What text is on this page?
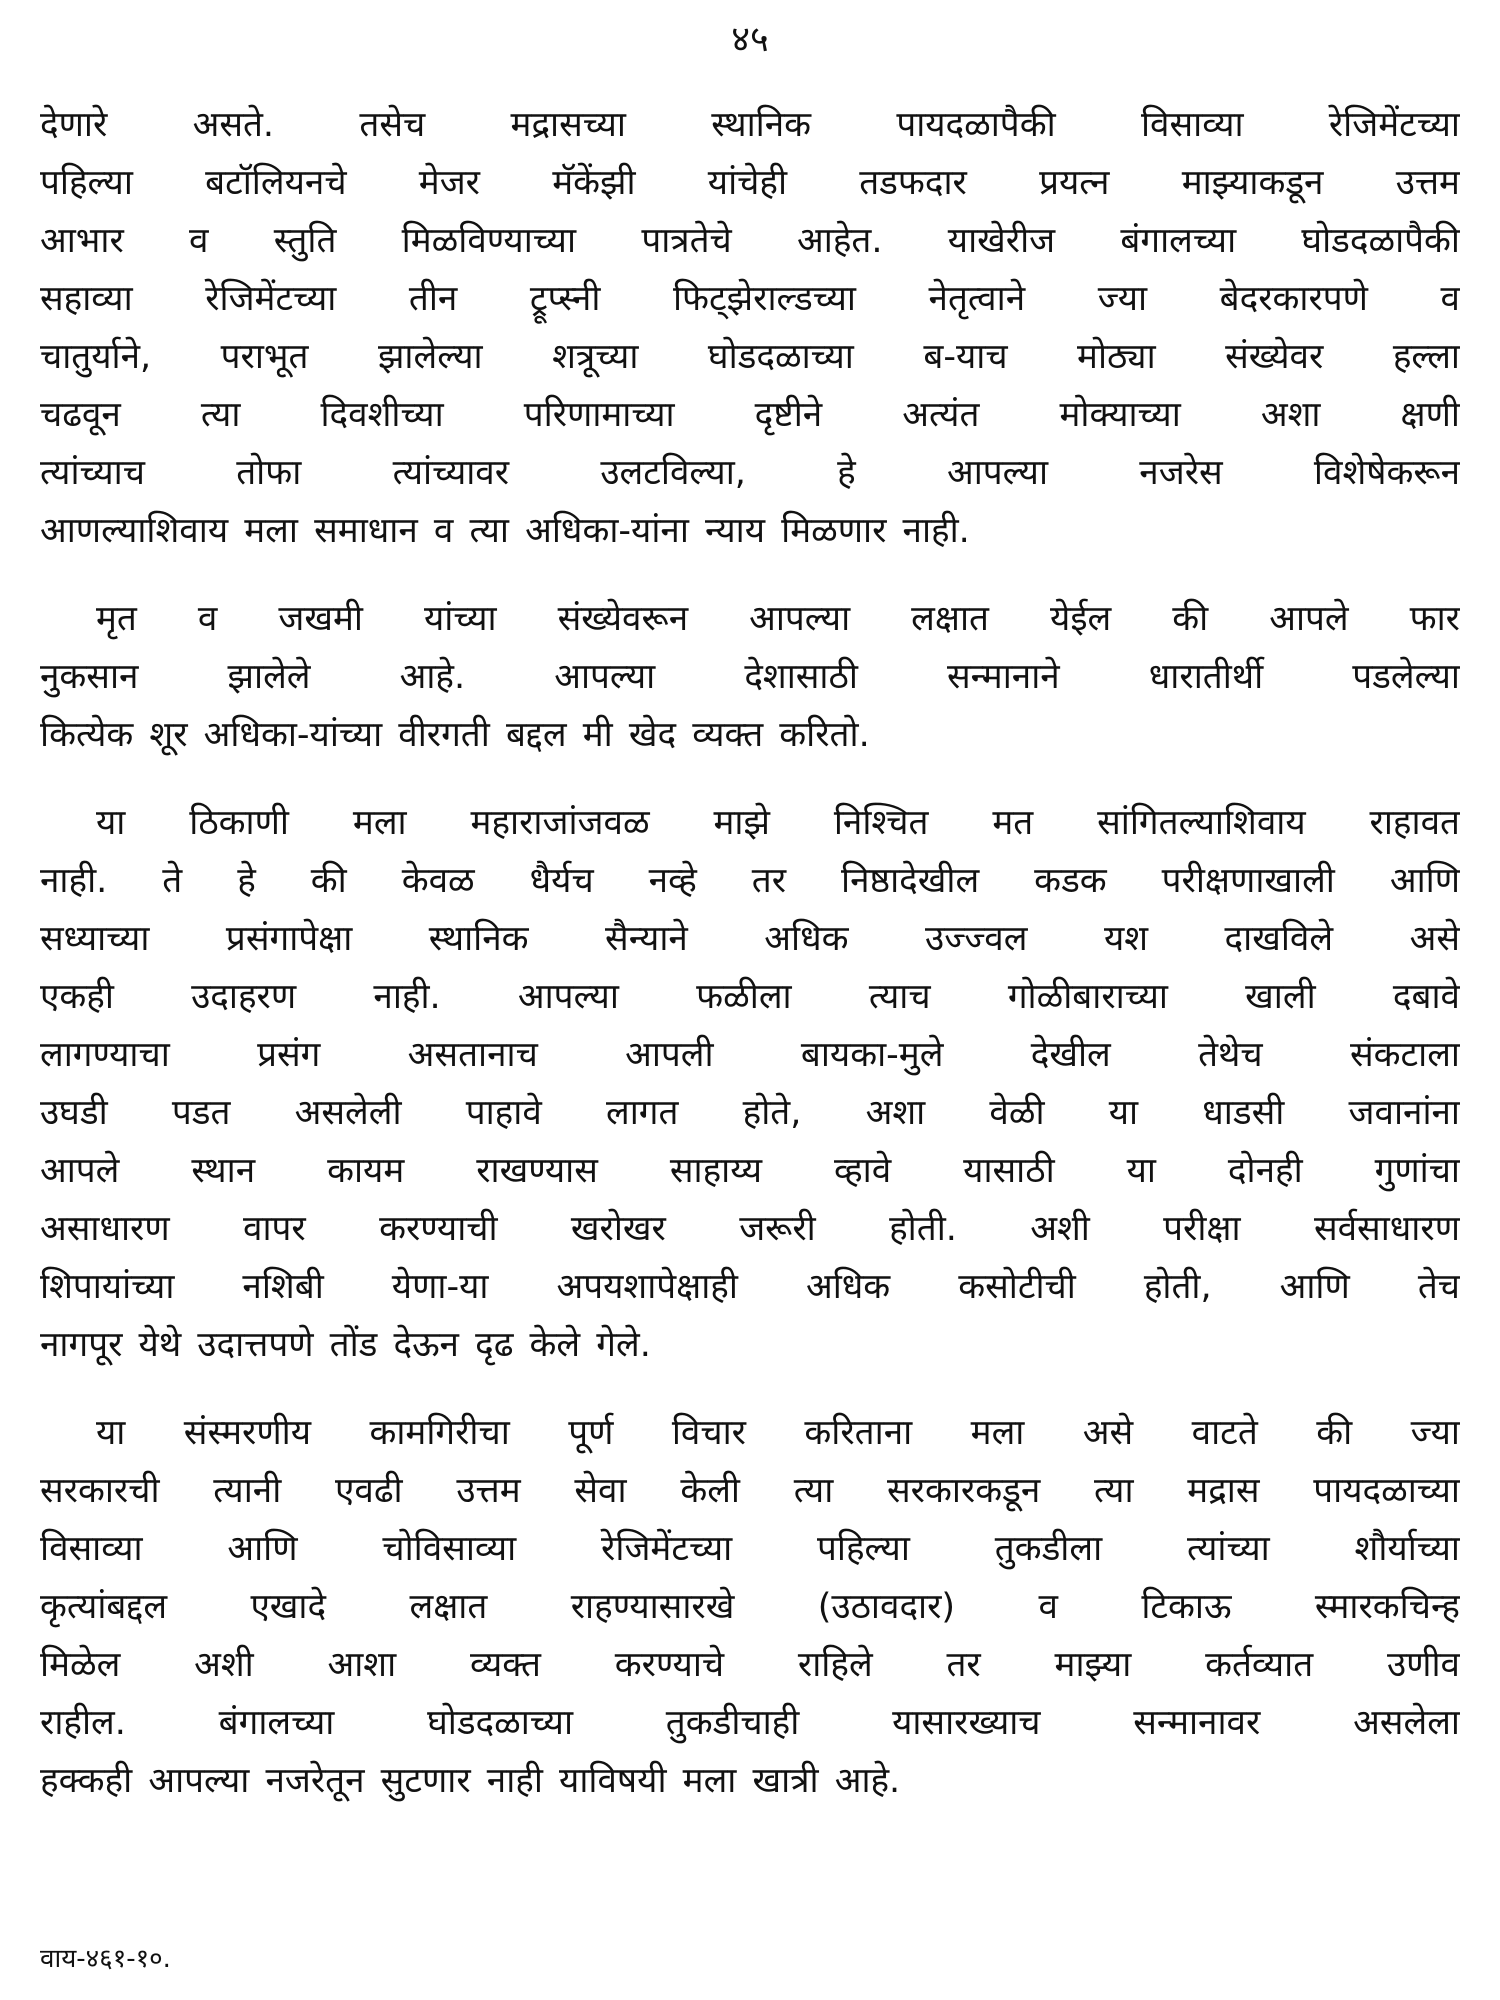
४५

देणारे असते. तसेच मद्रासच्या स्थानिक पायदळापैकी विसाव्या रेजिमेंटच्या
पहिल्या बटॉलियनचे मेजर मॅकेंझी यांचेही तडफदार प्रयत्न माझ्याकडून उत्तम
आभार व स्तुति मिळविण्याच्या पात्रतेचे आहेत. याखेरीज बंगालच्या घोडदळापैकी
सहाव्या रेजिमेंटच्या तीन ट्रूप्स्नी फिट्झेराल्डच्या नेतृत्वाने ज्या बेदरकारपणे व
चातुर्याने, पराभूत झालेल्या शत्रूच्या घोडदळाच्या ब-याच मोठ्या संख्येवर हल्ला
चढवून त्या दिवशीच्या परिणामाच्या दृष्टीने अत्यंत मोक्याच्या अशा क्षणी
त्यांच्याच तोफा त्यांच्यावर उलटविल्या, हे आपल्या नजरेस विशेषेकरून
आणल्याशिवाय मला समाधान व त्या अधिका-यांना न्याय मिळणार नाही.

मृत व जखमी यांच्या संख्येवरून आपल्या लक्षात येईल की आपले फार
नुकसान झालेले आहे. आपल्या देशासाठी सन्मानाने धारातीर्थी पडलेल्या
कित्येक शूर अधिका-यांच्या वीरगती बद्दल मी खेद व्यक्त करितो.

या ठिकाणी मला महाराजांजवळ माझे निश्चित मत सांगितल्याशिवाय राहावत
नाही. ते हे की केवळ धैर्यच नव्हे तर निष्ठादेखील कडक परीक्षणाखाली आणि
सध्याच्या प्रसंगापेक्षा स्थानिक सैन्याने अधिक उज्ज्वल यश दाखविले असे
एकही उदाहरण नाही. आपल्या फळीला त्याच गोळीबाराच्या खाली दबावे
लागण्याचा प्रसंग असतानाच आपली बायका-मुले देखील तेथेच संकटाला
उघडी पडत असलेली पाहावे लागत होते, अशा वेळी या धाडसी जवानांना
आपले स्थान कायम राखण्यास साहाय्य व्हावे यासाठी या दोनही गुणांचा
असाधारण वापर करण्याची खरोखर जरूरी होती. अशी परीक्षा सर्वसाधारण
शिपायांच्या नशिबी येणा-या अपयशापेक्षाही अधिक कसोटीची होती, आणि तेच
नागपूर येथे उदात्तपणे तोंड देऊन दृढ केले गेले.

या संस्मरणीय कामगिरीचा पूर्ण विचार करिताना मला असे वाटते की ज्या
सरकारची त्यानी एवढी उत्तम सेवा केली त्या सरकारकडून त्या मद्रास पायदळाच्या
विसाव्या आणि चोविसाव्या रेजिमेंटच्या पहिल्या तुकडीला त्यांच्या शौर्याच्या
कृत्यांबद्दल एखादे लक्षात राहण्यासारखे (उठावदार) व टिकाऊ स्मारकचिन्ह
मिळेल अशी आशा व्यक्त करण्याचे राहिले तर माझ्या कर्तव्यात उणीव
राहील. बंगालच्या घोडदळाच्या तुकडीचाही यासारख्याच सन्मानावर असलेला
हक्कही आपल्या नजरेतून सुटणार नाही याविषयी मला खात्री आहे.

वाय-४६१-१०.
